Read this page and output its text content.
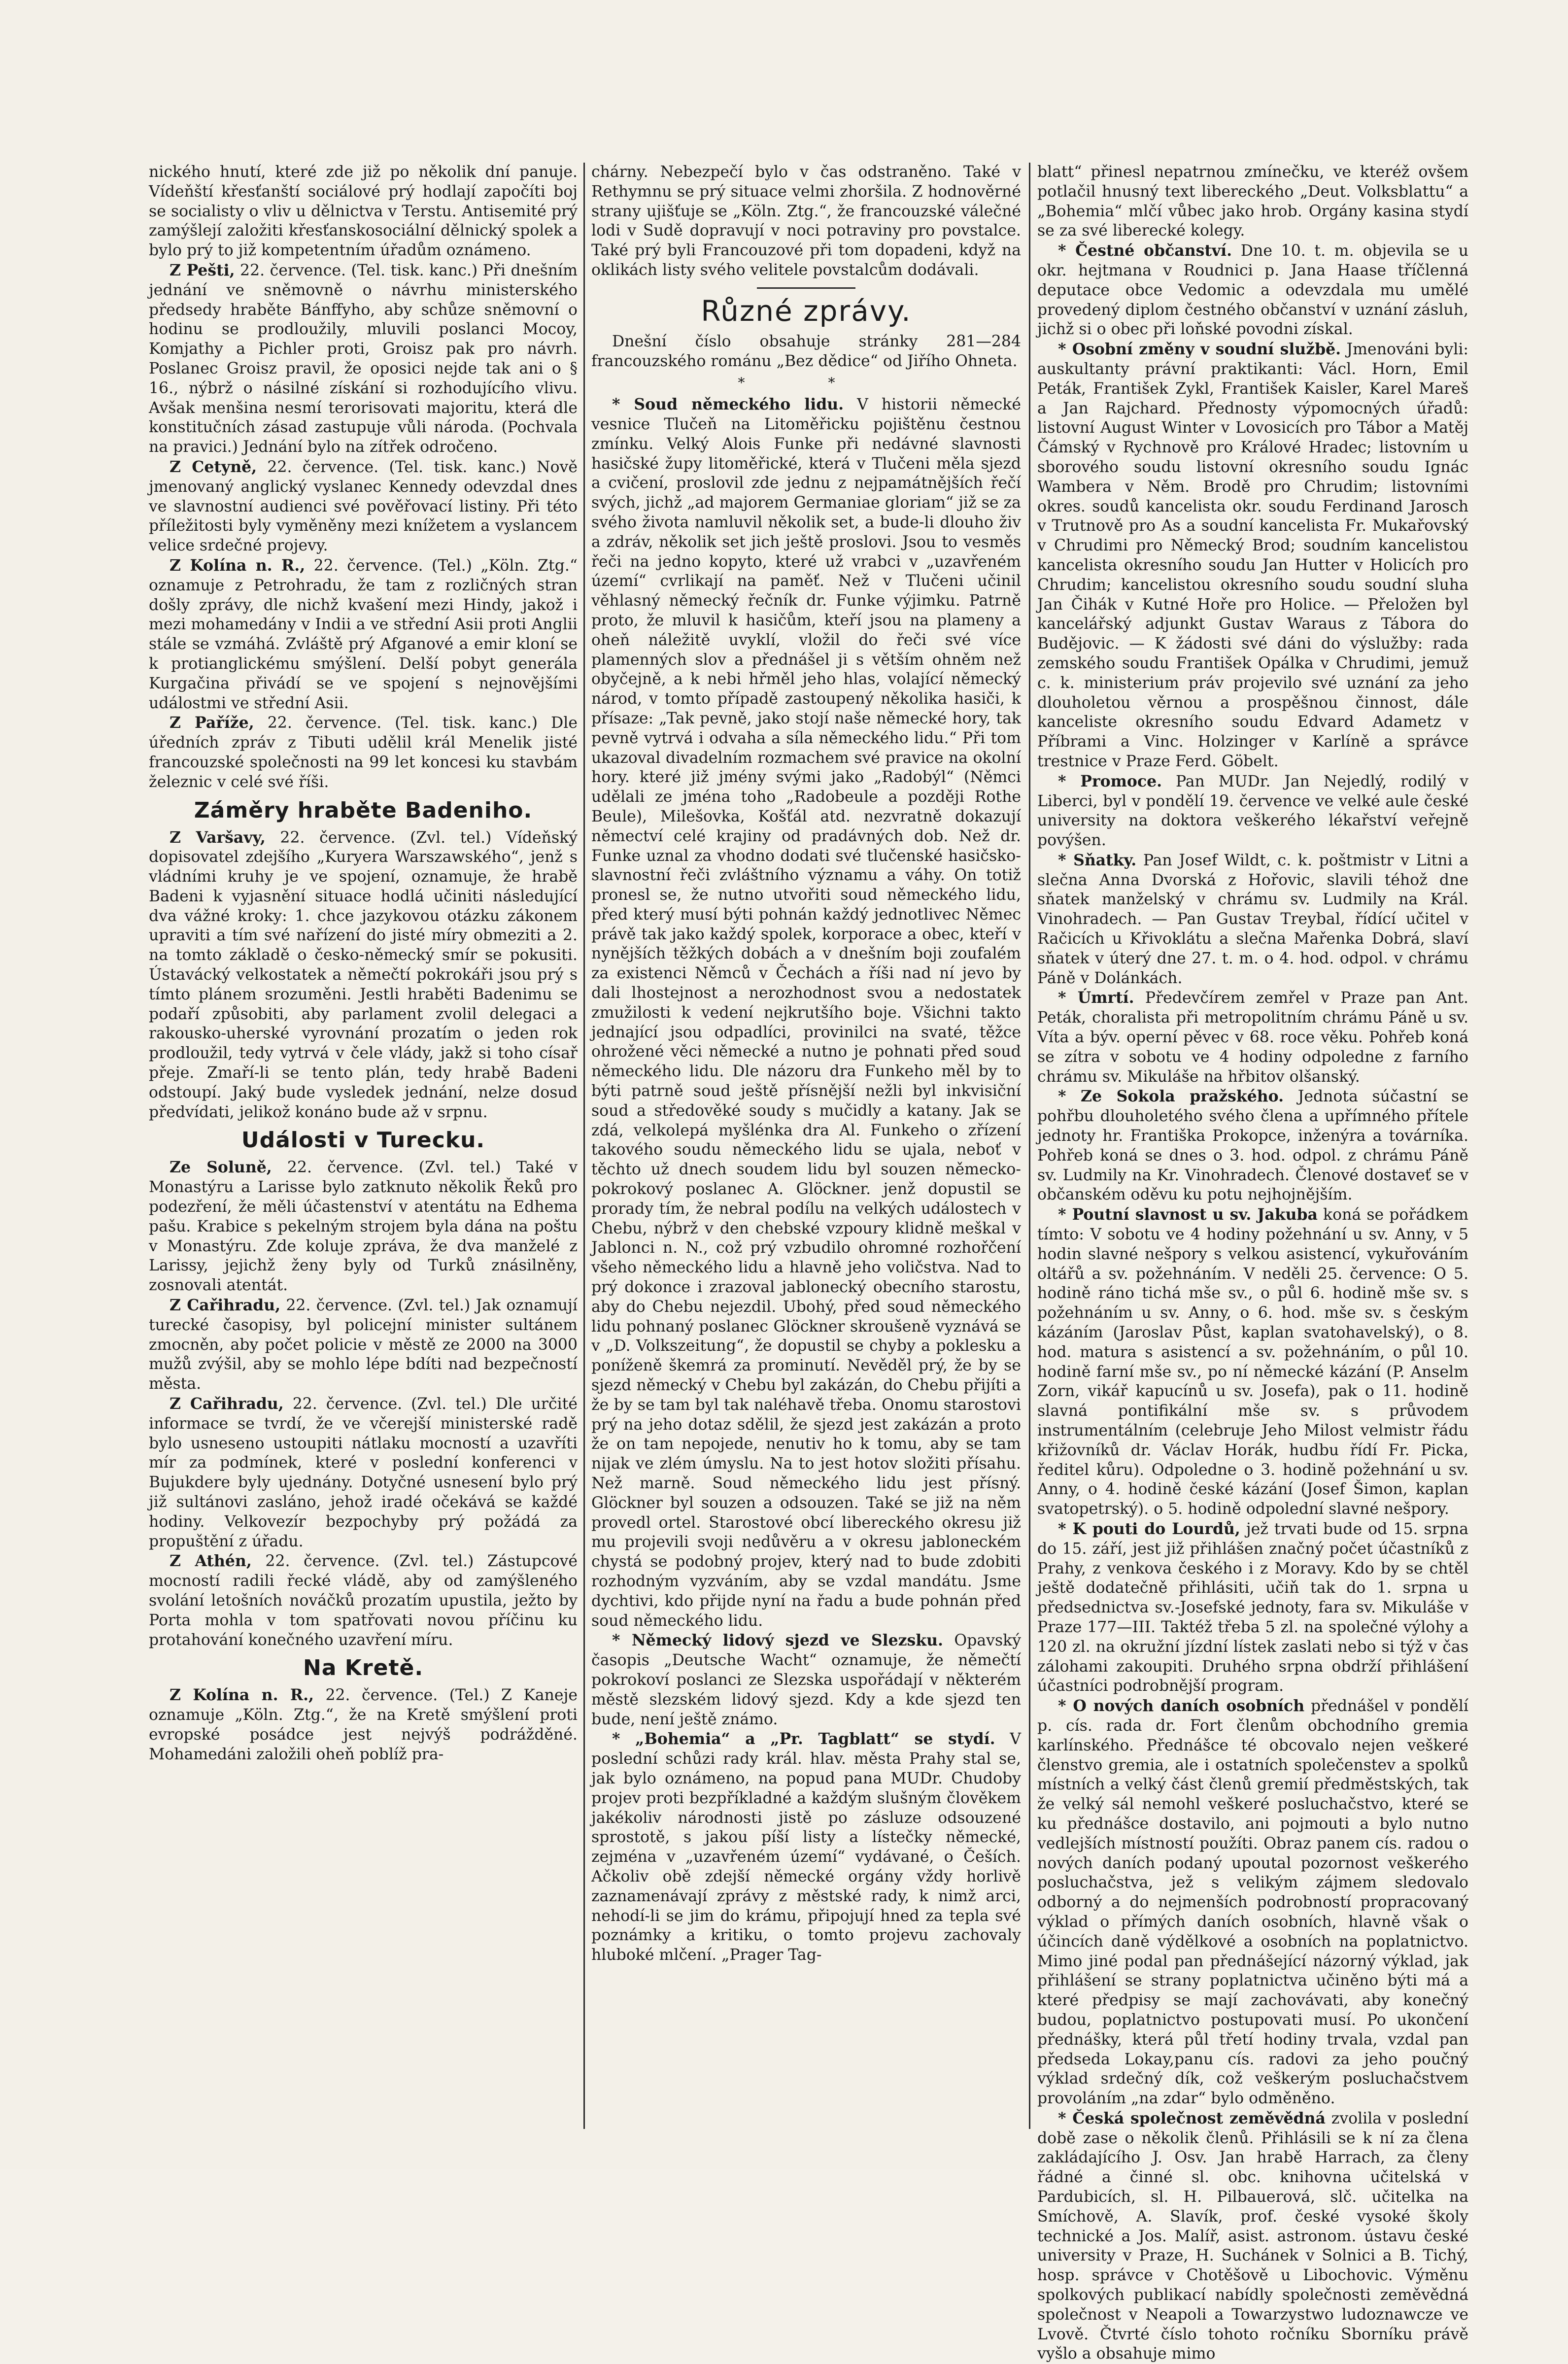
nického hnutí, které zde již po několik dní panuje. Vídeňští křesťanští sociálové prý hodlají započíti boj se socialisty o vliv u dělnictva v Terstu. Antisemité prý zamýšlejí založiti křesťanskosociální dělnický spolek a bylo prý to již kompetentním úřadům oznámeno.

Z Pešti, 22. července. (Tel. tisk. kanc.) Při dnešním jednání ve sněmovně o návrhu ministerského předsedy hraběte Bánffyho, aby schůze sněmovní o hodinu se prodloužily, mluvili poslanci Mocoy, Komjathy a Pichler proti, Groisz pak pro návrh. Poslanec Groisz pravil, že oposici nejde tak ani o § 16., nýbrž o násilné získání si rozhodujícího vlivu. Avšak menšina nesmí terorisovati majoritu, která dle konstitučních zásad zastupuje vůli národa. (Pochvala na pravici.) Jednání bylo na zítřek odročeno.

Z Cetyně, 22. července. (Tel. tisk. kanc.) Nově jmenovaný anglický vyslanec Kennedy odevzdal dnes ve slavnostní audienci své pověřovací listiny. Při této příležitosti byly vyměněny mezi knížetem a vyslancem velice srdečné projevy.

Z Kolína n. R., 22. července. (Tel.) „Köln. Ztg.“ oznamuje z Petrohradu, že tam z rozličných stran došly zprávy, dle nichž kvašení mezi Hindy, jakož i mezi mohamedány v Indii a ve střední Asii proti Anglii stále se vzmáhá. Zvláště prý Afganové a emir kloní se k protianglickému smýšlení. Delší pobyt generála Kurgačina přivádí se ve spojení s nejnovějšími událostmi ve střední Asii.

Z Paříže, 22. července. (Tel. tisk. kanc.) Dle úředních zpráv z Tibuti udělil král Menelik jisté francouzské společnosti na 99 let koncesi ku stavbám železnic v celé své říši.

Záměry hraběte Badeniho.

Z Varšavy, 22. července. (Zvl. tel.) Vídeňský dopisovatel zdejšího „Kuryera Warszawského“, jenž s vládními kruhy je ve spojení, oznamuje, že hrabě Badeni k vyjasnění situace hodlá učiniti následující dva vážné kroky: 1. chce jazykovou otázku zákonem upraviti a tím své nařízení do jisté míry obmeziti a 2. na tomto základě o česko-německý smír se pokusiti. Ústavácký velkostatek a němečtí pokrokáři jsou prý s tímto plánem srozuměni. Jestli hraběti Badenimu se podaří způsobiti, aby parlament zvolil delegaci a rakousko-uherské vyrovnání prozatím o jeden rok prodloužil, tedy vytrvá v čele vlády, jakž si toho císař přeje. Zmaří-li se tento plán, tedy hrabě Badeni odstoupí. Jaký bude vysledek jednání, nelze dosud předvídati, jelikož konáno bude až v srpnu.

Události v Turecku.

Ze Soluně, 22. července. (Zvl. tel.) Také v Monastýru a Larisse bylo zatknuto několik Řeků pro podezření, že měli účastenství v atentátu na Edhema pašu. Krabice s pekelným strojem byla dána na poštu v Monastýru. Zde koluje zpráva, že dva manželé z Larissy, jejichž ženy byly od Turků znásilněny, zosnovali atentát.

Z Cařihradu, 22. července. (Zvl. tel.) Jak oznamují turecké časopisy, byl policejní minister sultánem zmocněn, aby počet policie v městě ze 2000 na 3000 mužů zvýšil, aby se mohlo lépe bdíti nad bezpečností města.

Z Cařihradu, 22. července. (Zvl. tel.) Dle určité informace se tvrdí, že ve včerejší ministerské radě bylo usneseno ustoupiti nátlaku mocností a uzavříti mír za podmínek, které v poslední konferenci v Bujukdere byly ujednány. Dotyčné usnesení bylo prý již sultánovi zasláno, jehož iradé očekává se každé hodiny. Velkovezír bezpochyby prý požádá za propuštění z úřadu.

Z Athén, 22. července. (Zvl. tel.) Zástupcové mocností radili řecké vládě, aby od zamýšleného svolání letošních nováčků prozatím upustila, ježto by Porta mohla v tom spatřovati novou příčinu ku protahování konečného uzavření míru.

Na Kretě.

Z Kolína n. R., 22. července. (Tel.) Z Kaneje oznamuje „Köln. Ztg.“, že na Kretě smýšlení proti evropské posádce jest nejvýš podrážděné. Mohamedáni založili oheň poblíž pra-

chárny. Nebezpečí bylo v čas odstraněno. Také v Rethymnu se prý situace velmi zhoršila. Z hodnověrné strany ujišťuje se „Köln. Ztg.“, že francouzské válečné lodi v Sudě dopravují v noci potraviny pro povstalce. Také prý byli Francouzové při tom dopadeni, když na oklikách listy svého velitele povstalcům dodávali.

Různé zprávy.

Dnešní číslo obsahuje stránky 281—284 francouzského románu „Bez dědice“ od Jiřího Ohneta.

* *

* Soud německého lidu. V historii německé vesnice Tlučeň na Litoměřicku pojištěnu čestnou zmínku. Velký Alois Funke při nedávné slavnosti hasičské župy litoměřické, která v Tlučeni měla sjezd a cvičení, proslovil zde jednu z nejpamátnějších řečí svých, jichž „ad majorem Germaniae gloriam“ již se za svého života namluvil několik set, a bude-li dlouho živ a zdráv, několik set jich ještě proslovi. Jsou to vesměs řeči na jedno kopyto, které už vrabci v „uzavřeném území“ cvrlikají na paměť. Než v Tlučeni učinil věhlasný německý řečník dr. Funke výjimku. Patrně proto, že mluvil k hasičům, kteří jsou na plameny a oheň náležitě uvyklí, vložil do řeči své více plamenných slov a přednášel ji s větším ohněm než obyčejně, a k nebi hřměl jeho hlas, volající německý národ, v tomto případě zastoupený několika hasiči, k přísaze: „Tak pevně, jako stojí naše německé hory, tak pevně vytrvá i odvaha a síla německého lidu.“ Při tom ukazoval divadelním rozmachem své pravice na okolní hory. které již jmény svými jako „Radobýl“ (Němci udělali ze jména toho „Radobeule a později Rothe Beule), Milešovka, Košťál atd. nezvratně dokazují němectví celé krajiny od pradávných dob. Než dr. Funke uznal za vhodno dodati své tlučenské hasičsko-slavnostní řeči zvláštního významu a váhy. On totiž pronesl se, že nutno utvořiti soud německého lidu, před který musí býti pohnán každý jednotlivec Němec právě tak jako každý spolek, korporace a obec, kteří v nynějších těžkých dobách a v dnešním boji zoufalém za existenci Němců v Čechách a říši nad ní jevo by dali lhostejnost a nerozhodnost svou a nedostatek zmužilosti k vedení nejkrutšího boje. Všichni takto jednající jsou odpadlíci, provinilci na svaté, těžce ohrožené věci německé a nutno je pohnati před soud německého lidu. Dle názoru dra Funkeho měl by to býti patrně soud ještě přísnější nežli byl inkvisiční soud a středověké soudy s mučidly a katany. Jak se zdá, velkolepá myšlénka dra Al. Funkeho o zřízení takového soudu německého lidu se ujala, neboť v těchto už dnech soudem lidu byl souzen německo-pokrokový poslanec A. Glöckner. jenž dopustil se prorady tím, že nebral podílu na velkých událostech v Chebu, nýbrž v den chebské vzpoury klidně meškal v Jablonci n. N., což prý vzbudilo ohromné rozhořčení všeho německého lidu a hlavně jeho voličstva. Nad to prý dokonce i zrazoval jablonecký obecního starostu, aby do Chebu nejezdil. Ubohý, před soud německého lidu pohnaný poslanec Glöckner skroušeně vyznává se v „D. Volkszeitung“, že dopustil se chyby a poklesku a poníženě škemrá za prominutí. Nevěděl prý, že by se sjezd německý v Chebu byl zakázán, do Chebu přijíti a že by se tam byl tak naléhavě třeba. Onomu starostovi prý na jeho dotaz sdělil, že sjezd jest zakázán a proto že on tam nepojede, nenutiv ho k tomu, aby se tam nijak ve zlém úmyslu. Na to jest hotov složiti přísahu. Než marně. Soud německého lidu jest přísný. Glöckner byl souzen a odsouzen. Také se již na něm provedl ortel. Starostové obcí libereckého okresu již mu projevili svoji nedůvěru a v okresu jabloneckém chystá se podobný projev, který nad to bude zdobiti rozhodným vyzváním, aby se vzdal mandátu. Jsme dychtivi, kdo přijde nyní na řadu a bude pohnán před soud německého lidu.

* Německý lidový sjezd ve Slezsku. Opavský časopis „Deutsche Wacht“ oznamuje, že němečtí pokrokoví poslanci ze Slezska uspořádají v některém městě slezském lidový sjezd. Kdy a kde sjezd ten bude, není ještě známo.

* „Bohemia“ a „Pr. Tagblatt“ se stydí. V poslední schůzi rady král. hlav. města Prahy stal se, jak bylo oznámeno, na popud pana MUDr. Chudoby projev proti bezpříkladné a každým slušným člověkem jakékoliv národnosti jistě po zásluze odsouzené sprostotě, s jakou píší listy a lístečky německé, zejména v „uzavřeném území“ vydávané, o Češích. Ačkoliv obě zdejší německé orgány vždy horlivě zaznamenávají zprávy z městské rady, k nimž arci, nehodí-li se jim do krámu, připojují hned za tepla své poznámky a kritiku, o tomto projevu zachovaly hluboké mlčení. „Prager Tag-

blatt“ přinesl nepatrnou zmínečku, ve kteréž ovšem potlačil hnusný text libereckého „Deut. Volksblattu“ a „Bohemia“ mlčí vůbec jako hrob. Orgány kasina stydí se za své liberecké kolegy.

* Čestné občanství. Dne 10. t. m. objevila se u okr. hejtmana v Roudnici p. Jana Haase tříčlenná deputace obce Vedomic a odevzdala mu umělé provedený diplom čestného občanství v uznání zásluh, jichž si o obec při loňské povodni získal.

* Osobní změny v soudní službě. Jmenováni byli: auskultanty právní praktikanti: Václ. Horn, Emil Peták, František Zykl, František Kaisler, Karel Mareš a Jan Rajchard. Přednosty výpomocných úřadů: listovní August Winter v Lovosicích pro Tábor a Matěj Čámský v Rychnově pro Králové Hradec; listovním u sborového soudu listovní okresního soudu Ignác Wambera v Něm. Brodě pro Chrudim; listovními okres. soudů kancelista okr. soudu Ferdinand Jarosch v Trutnově pro As a soudní kancelista Fr. Mukařovský v Chrudimi pro Německý Brod; soudním kancelistou kancelista okresního soudu Jan Hutter v Holicích pro Chrudim; kancelistou okresního soudu soudní sluha Jan Čihák v Kutné Hoře pro Holice. — Přeložen byl kancelářský adjunkt Gustav Waraus z Tábora do Budějovic. — K žádosti své dáni do výslužby: rada zemského soudu František Opálka v Chrudimi, jemuž c. k. ministerium práv projevilo své uznání za jeho dlouholetou věrnou a prospěšnou činnost, dále kanceliste okresního soudu Edvard Adametz v Příbrami a Vinc. Holzinger v Karlíně a správce trestnice v Praze Ferd. Göbelt.

* Promoce. Pan MUDr. Jan Nejedlý, rodilý v Liberci, byl v pondělí 19. července ve velké aule české university na doktora veškerého lékařství veřejně povýšen.

* Sňatky. Pan Josef Wildt, c. k. poštmistr v Litni a slečna Anna Dvorská z Hořovic, slavili téhož dne sňatek manželský v chrámu sv. Ludmily na Král. Vinohradech. — Pan Gustav Treybal, řídící učitel v Račicích u Křivoklátu a slečna Mařenka Dobrá, slaví sňatek v úterý dne 27. t. m. o 4. hod. odpol. v chrámu Páně v Dolánkách.

* Úmrtí. Předevčírem zemřel v Praze pan Ant. Peták, choralista při metropolitním chrámu Páně u sv. Víta a býv. operní pěvec v 68. roce věku. Pohřeb koná se zítra v sobotu ve 4 hodiny odpoledne z farního chrámu sv. Mikuláše na hřbitov olšanský.

* Ze Sokola pražského. Jednota súčastní se pohřbu dlouholetého svého člena a upřímného přítele jednoty hr. Františka Prokopce, inženýra a továrníka. Pohřeb koná se dnes o 3. hod. odpol. z chrámu Páně sv. Ludmily na Kr. Vinohradech. Členové dostaveť se v občanském oděvu ku potu nejhojnějším.

* Poutní slavnost u sv. Jakuba koná se pořádkem tímto: V sobotu ve 4 hodiny požehnání u sv. Anny, v 5 hodin slavné nešpory s velkou asistencí, vykuřováním oltářů a sv. požehnáním. V neděli 25. července: O 5. hodině ráno tichá mše sv., o půl 6. hodině mše sv. s požehnáním u sv. Anny, o 6. hod. mše sv. s českým kázáním (Jaroslav Půst, kaplan svatohavelský), o 8. hod. matura s asistencí a sv. požehnáním, o půl 10. hodině farní mše sv., po ní německé kázání (P. Anselm Zorn, vikář kapucínů u sv. Josefa), pak o 11. hodině slavná pontifikální mše sv. s průvodem instrumentálním (celebruje Jeho Milost velmistr řádu křižovníků dr. Václav Horák, hudbu řídí Fr. Picka, ředitel kůru). Odpoledne o 3. hodině požehnání u sv. Anny, o 4. hodině české kázání (Josef Šimon, kaplan svatopetrský). o 5. hodině odpolední slavné nešpory.

* K pouti do Lourdů, jež trvati bude od 15. srpna do 15. září, jest již přihlášen značný počet účastníků z Prahy, z venkova českého i z Moravy. Kdo by se chtěl ještě dodatečně přihlásiti, učiň tak do 1. srpna u předsednictva sv.-Josefské jednoty, fara sv. Mikuláše v Praze 177—III. Taktéž třeba 5 zl. na společné výlohy a 120 zl. na okružní jízdní lístek zaslati nebo si týž v čas zálohami zakoupiti. Druhého srpna obdrží přihlášení účastníci podrobnější program.

* O nových daních osobních přednášel v pondělí p. cís. rada dr. Fort členům obchodního gremia karlínského. Přednášce té obcovalo nejen veškeré členstvo gremia, ale i ostatních společenstev a spolků místních a velký část členů gremií předměstských, tak že velký sál nemohl veškeré posluchačstvo, které se ku přednášce dostavilo, ani pojmouti a bylo nutno vedlejších místností použíti. Obraz panem cís. radou o nových daních podaný upoutal pozornost veškerého posluchačstva, jež s velikým zájmem sledovalo odborný a do nejmenších podrobností propracovaný výklad o přímých daních osobních, hlavně však o účincích daně výdělkové a osobních na poplatnictvo. Mimo jiné podal pan přednášející názorný výklad, jak přihlášení se strany poplatnictva učiněno býti má a které předpisy se mají zachovávati, aby konečný budou, poplatnictvo postupovati musí. Po ukončení přednášky, která půl třetí hodiny trvala, vzdal pan předseda Lokay,panu cís. radovi za jeho poučný výklad srdečný dík, což veškerým posluchačstvem provoláním „na zdar“ bylo odměněno.

* Česká společnost zeměvědná zvolila v poslední době zase o několik členů. Přihlásili se k ní za člena zakládajícího J. Osv. Jan hrabě Harrach, za členy řádné a činné sl. obc. knihovna učitelská v Pardubicích, sl. H. Pilbauerová, slč. učitelka na Smíchově, A. Slavík, prof. české vysoké školy technické a Jos. Malíř, asist. astronom. ústavu české university v Praze, H. Suchánek v Solnici a B. Tichý, hosp. správce v Chotěšově u Libochovic. Výměnu spolkových publikací nabídly společnosti zeměvědná společnost v Neapoli a Towarzystwo ludoznawcze ve Lvově. Čtvrté číslo tohoto ročníku Sborníku právě vyšlo a obsahuje mimo
